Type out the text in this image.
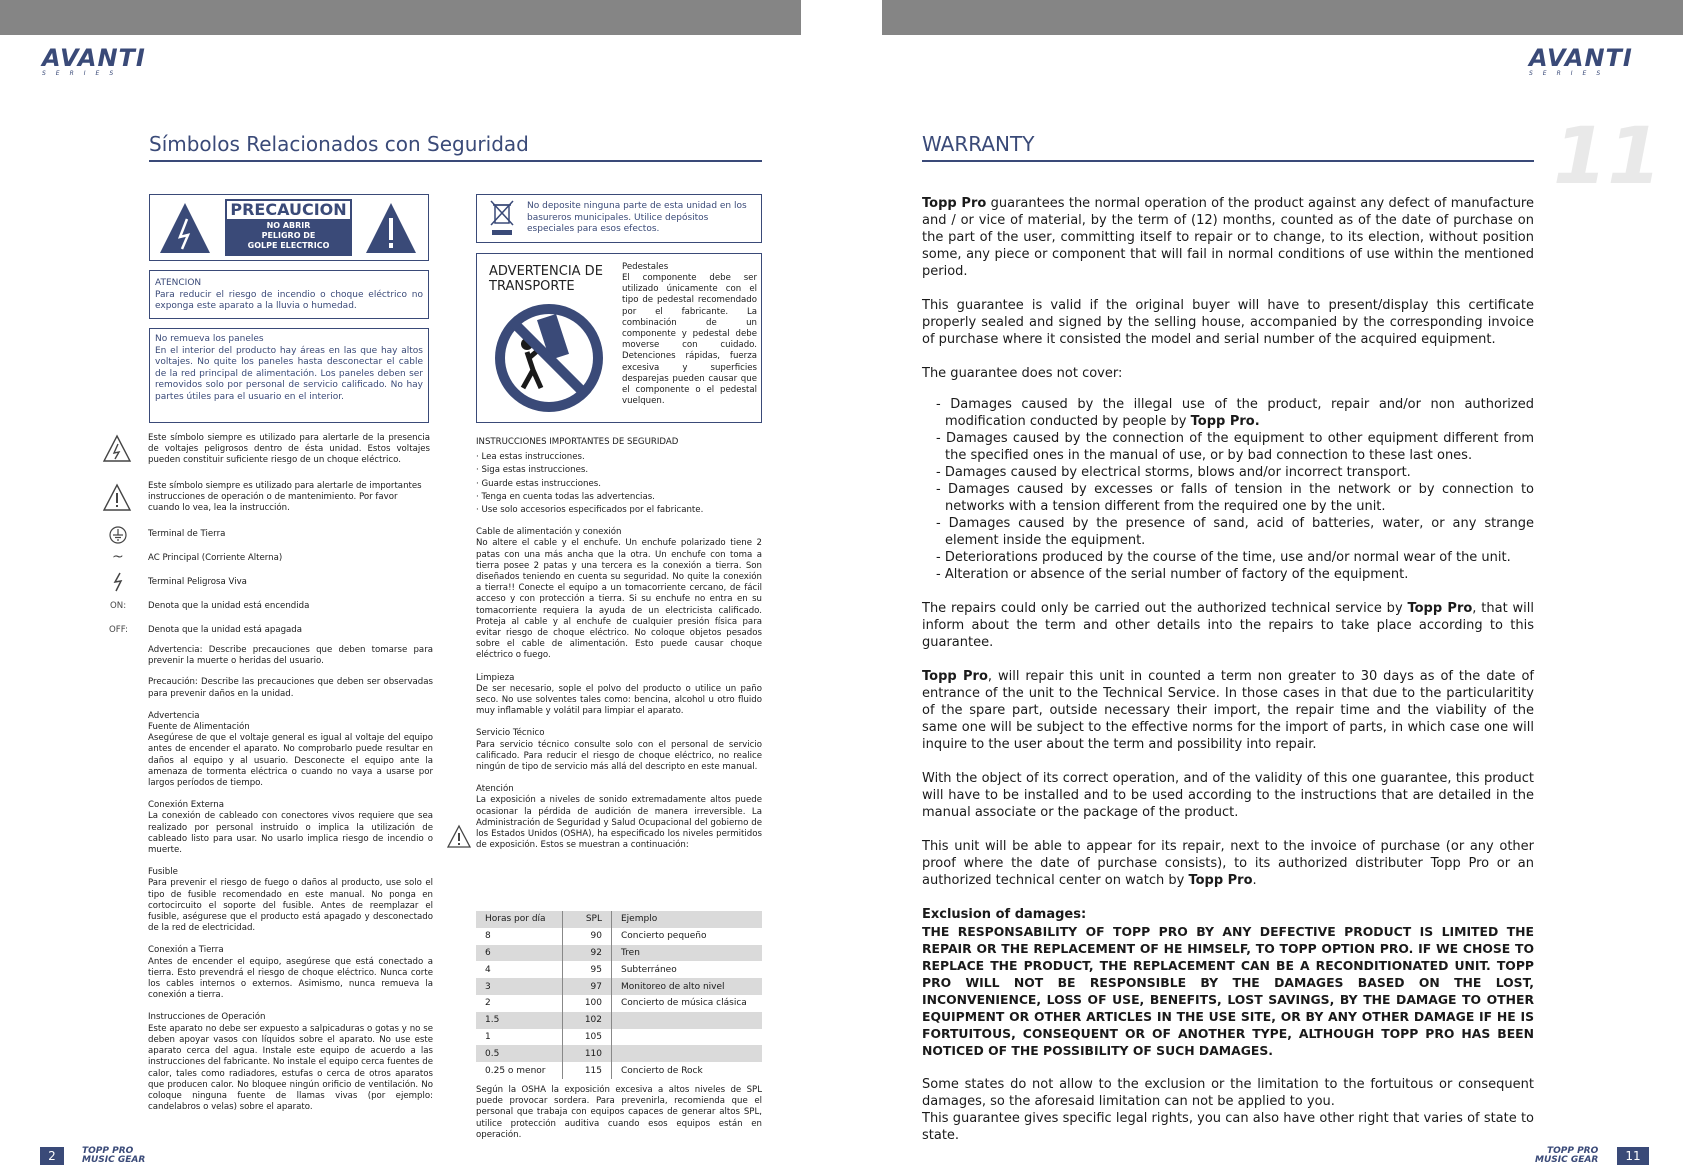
AVANTI
SERIES
Símbolos Relacionados con Seguridad
PRECAUCION
NO ABRIR
PELIGRO DE
GOLPE ELECTRICO
ATENCION
Para reducir el riesgo de incendio o choque eléctrico no exponga este aparato a la lluvia o humedad.
No remueva los paneles
En el interior del producto hay áreas en las que hay altos voltajes. No quite los paneles hasta desconectar el cable de la red principal de alimentación. Los paneles deben ser removidos solo por personal de servicio calificado. No hay partes útiles para el usuario en el interior.
Este símbolo siempre es utilizado para alertarle de la presencia de voltajes peligrosos dentro de ésta unidad. Estos voltajes pueden constituir suficiente riesgo de un choque eléctrico.
Este símbolo siempre es utilizado para alertarle de importantes instrucciones de operación o de mantenimiento. Por favor cuando lo vea, lea la instrucción.
Terminal de Tierra
~	AC Principal (Corriente Alterna)
Terminal Peligrosa Viva
ON:	Denota que la unidad está encendida
OFF: Denota que la unidad está apagada

Advertencia: Describe precauciones que deben tomarse para prevenir la muerte o heridas del usuario.

Precaución: Describe las precauciones que deben ser observadas para prevenir daños en la unidad.

Advertencia

Fuente de Alimentación

Asegúrese de que el voltaje general es igual al voltaje del equipo antes de encender el aparato. No comprobarlo puede resultar en daños al equipo y al usuario. Desconecte el equipo ante la amenaza de tormenta eléctrica o cuando no vaya a usarse por largos períodos de tiempo.

Conexión Externa

La conexión de cableado con conectores vivos requiere que sea realizado por personal instruido o implica la utilización de cableado listo para usar. No usarlo implica riesgo de incendio o muerte.

Fusible

Para prevenir el riesgo de fuego o daños al producto, use solo el tipo de fusible recomendado en este manual. No ponga en cortocircuito el soporte del fusible. Antes de reemplazar el fusible, aségurese que el producto está apagado y desconectado de la red de electricidad.

Conexión a Tierra

Antes de encender el equipo, asegúrese que está conectado a tierra. Esto prevendrá el riesgo de choque eléctrico. Nunca corte los cables internos o externos. Asimismo, nunca remueva la conexión a tierra.

Instrucciones de Operación

Este aparato no debe ser expuesto a salpicaduras o gotas y no se deben apoyar vasos con líquidos sobre el aparato. No use este aparato cerca del agua. Instale este equipo de acuerdo a las instrucciones del fabricante. No instale el equipo cerca fuentes de calor, tales como radiadores, estufas o cerca de otros aparatos que producen calor. No bloquee ningún orificio de ventilación. No coloque ninguna fuente de llamas vivas (por ejemplo: candelabros o velas) sobre el aparato.

No deposite ninguna parte de esta unidad en los basureros municipales. Utilice depósitos especiales para esos efectos.
ADVERTENCIA DE TRANSPORTE
Pedestales
El componente debe ser utilizado únicamente con el tipo de pedestal recomendado por el fabricante. La combinación de un componente y pedestal debe moverse con cuidado. Detenciones rápidas, fuerza excesiva y superficies desparejas pueden causar que el componente o el pedestal vuelquen.

INSTRUCCIONES IMPORTANTES DE SEGURIDAD

· Lea estas instrucciones.

· Siga estas instrucciones.

· Guarde estas instrucciones.

· Tenga en cuenta todas las advertencias.

· Use solo accesorios especificados por el fabricante.

Cable de alimentación y conexión

No altere el cable y el enchufe. Un enchufe polarizado tiene 2 patas con una más ancha que la otra. Un enchufe con toma a tierra posee 2 patas y una tercera es la conexión a tierra. Son diseñados teniendo en cuenta su seguridad. No quite la conexión a tierra!! Conecte el equipo a un tomacorriente cercano, de fácil acceso y con protección a tierra. Si su enchufe no entra en su tomacorriente requiera la ayuda de un electricista calificado. Proteja al cable y al enchufe de cualquier presión física para evitar riesgo de choque eléctrico. No coloque objetos pesados sobre el cable de alimentación. Esto puede causar choque eléctrico o fuego.

Limpieza

De ser necesario, sople el polvo del producto o utilice un paño seco. No use solventes tales como: bencina, alcohol u otro fluido muy inflamable y volátil para limpiar el aparato.

Servicio Técnico

Para servicio técnico consulte solo con el personal de servicio calificado. Para reducir el riesgo de choque eléctrico, no realice ningún de tipo de servicio más allá del descripto en este manual.

Atención

La exposición a niveles de sonido extremadamente altos puede ocasionar la pérdida de audición de manera irreversible. La Administración de Seguridad y Salud Ocupacional del gobierno de los Estados Unidos (OSHA), ha especificado los niveles permitidos de exposición. Estos se muestran a continuación:

Horas por día	SPL	Ejemplo
8	90	Concierto pequeño
6	92	Tren
4	95	Subterráneo
3	97	Monitoreo de alto nivel
2	100	Concierto de música clásica
1.5	102	
1	105	
0.5	110	
0.25 o menor	115	Concierto de Rock
Según la OSHA la exposición excesiva a altos niveles de SPL puede provocar sordera. Para prevenirla, recomienda que el personal que trabaja con equipos capaces de generar altos SPL, utilice protección auditiva cuando esos equipos están en operación.
2	TOPP PRO
MUSIC GEAR
AVANTI
SERIES
11
WARRANTY

Topp Pro guarantees the normal operation of the product against any defect of manufacture and / or vice of material, by the term of (12) months, counted as of the date of purchase on the part of the user, committing itself to repair or to change, to its election, without position some, any piece or component that will fail in normal conditions of use within the mentioned period.

This guarantee is valid if the original buyer will have to present/display this certificate properly sealed and signed by the selling house, accompanied by the corresponding invoice of purchase where it consisted the model and serial number of the acquired equipment.

The guarantee does not cover:

- Damages caused by the illegal use of the product, repair and/or non authorized modification conducted by people by Topp Pro.
- Damages caused by the connection of the equipment to other equipment different from the specified ones in the manual of use, or by bad connection to these last ones.
- Damages caused by electrical storms, blows and/or incorrect transport.
- Damages caused by excesses or falls of tension in the network or by connection to networks with a tension different from the required one by the unit.
- Damages caused by the presence of sand, acid of batteries, water, or any strange element inside the equipment.
- Deteriorations produced by the course of the time, use and/or normal wear of the unit.
- Alteration or absence of the serial number of factory of the equipment.

The repairs could only be carried out the authorized technical service by Topp Pro, that will inform about the term and other details into the repairs to take place according to this guarantee.

Topp Pro, will repair this unit in counted a term non greater to 30 days as of the date of entrance of the unit to the Technical Service. In those cases in that due to the particularitity of the spare part, outside necessary their import, the repair time and the viability of the same one will be subject to the effective norms for the import of parts, in which case one will inquire to the user about the term and possibility into repair.

With the object of its correct operation, and of the validity of this one guarantee, this product will have to be installed and to be used according to the instructions that are detailed in the manual associate or the package of the product.

This unit will be able to appear for its repair, next to the invoice of purchase (or any other proof where the date of purchase consists), to its authorized distributer Topp Pro or an authorized technical center on watch by Topp Pro.

Exclusion of damages:

THE RESPONSABILITY OF TOPP PRO BY ANY DEFECTIVE PRODUCT IS LIMITED THE REPAIR OR THE REPLACEMENT OF HE HIMSELF, TO TOPP OPTION PRO. IF WE CHOSE TO REPLACE THE PRODUCT, THE REPLACEMENT CAN BE A RECONDITIONATED UNIT. TOPP PRO WILL NOT BE RESPONSIBLE BY THE DAMAGES BASED ON THE LOST, INCONVENIENCE, LOSS OF USE, BENEFITS, LOST SAVINGS, BY THE DAMAGE TO OTHER EQUIPMENT OR OTHER ARTICLES IN THE USE SITE, OR BY ANY OTHER DAMAGE IF HE IS FORTUITOUS, CONSEQUENT OR OF ANOTHER TYPE, ALTHOUGH TOPP PRO HAS BEEN NOTICED OF THE POSSIBILITY OF SUCH DAMAGES.

Some states do not allow to the exclusion or the limitation to the fortuitous or consequent damages, so the aforesaid limitation can not be applied to you.

This guarantee gives specific legal rights, you can also have other right that varies of state to state.

TOPP PRO
MUSIC GEAR	11
